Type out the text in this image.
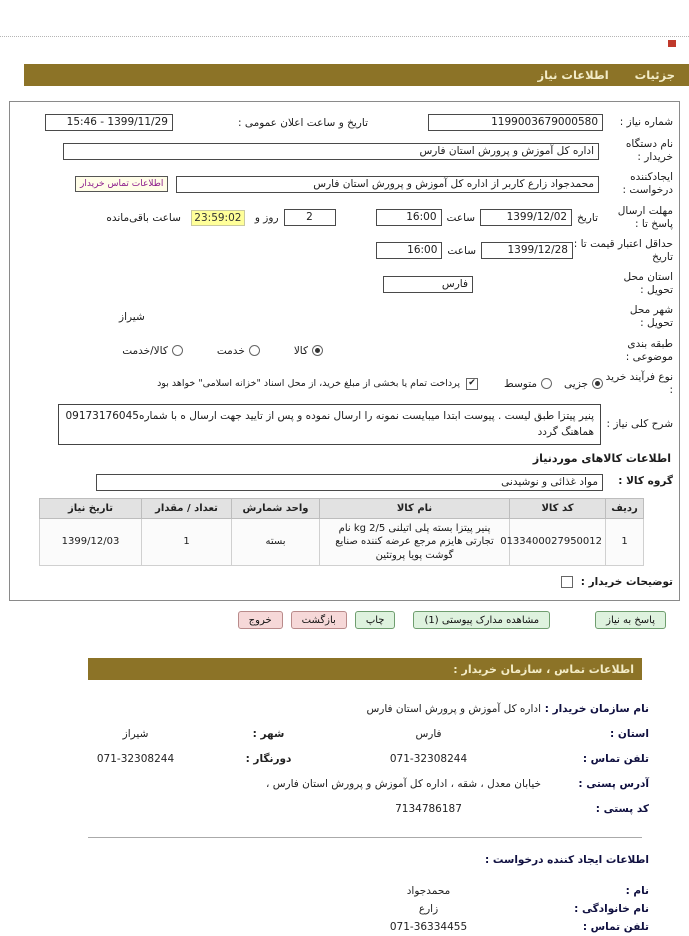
جزئیات
اطلاعات نیاز
شماره نیاز :
1199003679000580
تاریخ و ساعت اعلان عمومی :
1399/11/29 - 15:46
نام دستگاه خریدار :
اداره کل آموزش و پرورش استان فارس
ایجادکننده درخواست :
محمدجواد زارع کاربر از اداره کل آموزش و پرورش استان فارس
اطلاعات تماس خریدار
مهلت ارسال پاسخ تا :
تاریخ
1399/12/02
ساعت
16:00
2
روز و
23:59:02
ساعت باقی‌مانده
حداقل اعتبار قیمت تا : تاریخ
1399/12/28
ساعت
16:00
استان محل تحویل :
فارس
شهر محل تحویل :
شیراز
طبقه بندی موضوعی :
کالا
خدمت
کالا/خدمت
نوع فرآیند خرید :
جزیی
متوسط
✔
پرداخت تمام یا بخشی از مبلغ خرید، از محل اسناد "خزانه اسلامی" خواهد بود
شرح کلی نیاز :
پنیر پیتزا طبق لیست . پیوست ابتدا میبایست نمونه را ارسال نموده و پس از تایید جهت ارسال ه با شماره09173176045 هماهنگ گردد
اطلاعات کالاهای موردنیاز
گروه کالا :
مواد غذائی و نوشیدنی
ردیف	کد کالا	نام کالا	واحد شمارش	تعداد / مقدار	تاریخ نیاز
1	0133400027950012	پنیر پیتزا بسته پلی اتیلنی 2/5 kg نام تجارتی هایزم مرجع عرضه کننده صنایع گوشت پویا پروتئین	بسته	1	1399/12/03
توضیحات خریدار :
پاسخ به نیاز
مشاهده مدارک پیوستی (1)
چاپ
بازگشت
خروج
اطلاعات تماس ، سازمان خریدار :
نام سازمان خریدار :
اداره کل آموزش و پرورش استان فارس
استان :
فارس
شهر :
شیراز
تلفن تماس :
071-32308244
دورنگار :
071-32308244
آدرس پستی :
خیابان معدل ، شقه ، اداره کل آموزش و پرورش استان فارس ،
کد پستی :
7134786187
اطلاعات ایجاد کننده درخواست :
نام :
محمدجواد
نام خانوادگی :
زارع
تلفن تماس :
071-36334455
